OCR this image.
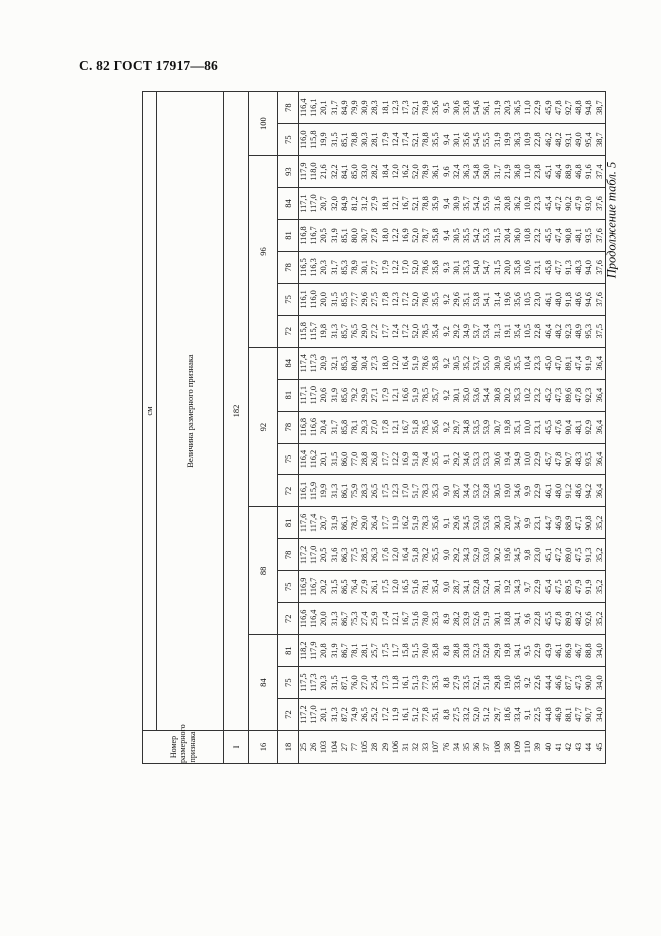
С. 82 ГОСТ 17917—86
Продолжение табл. 5
Номер размерного признака	см																			
	Величина размерного признака																			
I	182																			
16	84			88				92					96						100	
18	72	75	81	72	75	78	81	72	75	78	81	84	72	75	78	81	84	93	75	78
25	117,2	117,5	118,2	116,6	116,9	117,2	117,6	116,1	116,4	116,8	117,1	117,4	115,8	116,1	116,5	116,8	117,1	117,9	116,0	116,4
26	117,0	117,3	117,9	116,4	116,7	117,0	117,4	115,9	116,2	116,6	117,0	117,3	115,7	116,0	116,3	116,7	117,0	118,0	115,8	116,1
103	20,1	20,3	20,8	20,0	20,2	20,5	20,7	19,9	20,1	20,4	20,6	20,9	19,8	20,0	20,3	20,5	20,7	21,6	19,9	20,1
104	31,3	31,5	31,9	31,3	31,5	31,6	31,9	31,3	31,5	31,7	31,9	32,1	31,3	31,5	31,7	31,9	32,0	32,2	31,5	31,7
27	87,2	87,1	86,7	86,7	86,5	86,3	86,1	86,1	86,0	85,8	85,6	85,3	85,7	85,5	85,3	85,1	84,9	84,1	85,1	84,9
77	74,9	76,0	78,1	75,3	76,4	77,5	78,7	75,9	77,0	78,1	79,2	80,4	76,5	77,7	78,9	80,0	81,2	85,0	78,8	79,9
105	26,5	27,0	28,1	27,4	27,9	28,5	29,0	28,3	28,8	29,3	29,9	30,4	29,0	29,6	30,1	30,7	31,2	33,0	30,3	30,9
28	25,2	25,4	25,7	25,9	26,1	26,3	26,4	26,5	26,8	27,0	27,1	27,3	27,2	27,5	27,7	27,8	27,9	28,2	28,1	28,3
29	17,2	17,3	17,5	17,4	17,5	17,6	17,7	17,5	17,7	17,8	17,9	18,0	17,7	17,8	17,9	18,0	18,1	18,4	17,9	18,1
106	11,9	11,8	11,7	12,1	12,0	12,0	11,9	12,3	12,2	12,1	12,1	12,0	12,4	12,3	12,2	12,2	12,1	12,0	12,4	12,3
31	16,1	16,1	15,8	16,7	16,5	16,4	16,2	17,0	16,9	16,7	16,6	16,4	17,2	17,2	17,0	16,9	16,7	16,2	17,4	17,3
32	51,2	51,3	51,5	51,6	51,6	51,8	51,9	51,7	51,8	51,8	51,9	51,9	52,0	52,0	52,0	52,0	52,1	52,0	52,1	52,1
33	77,8	77,9	78,0	78,0	78,1	78,2	78,3	78,3	78,4	78,5	78,5	78,6	78,5	78,6	78,6	78,7	78,8	78,9	78,8	78,9
107	35,1	35,3	35,8	35,3	35,4	35,5	35,6	35,3	35,5	35,6	35,7	35,8	35,4	35,5	35,8	35,8	35,9	36,1	35,5	35,6
76	8,8	8,8	8,8	8,9	9,0	9,0	9,1	9,0	9,1	9,2	9,2	9,2	9,2	9,2	9,3	9,4	9,4	9,6	9,4	9,5
34	27,5	27,9	28,8	28,2	28,7	29,2	29,6	28,7	29,2	29,7	30,1	30,5	29,2	29,6	30,1	30,5	30,9	32,4	30,1	30,6
35	33,2	33,5	33,8	33,9	34,1	34,3	34,5	34,4	34,6	34,8	35,0	35,2	34,9	35,1	35,3	35,5	35,7	36,3	35,6	35,8
36	52,0	52,1	52,3	52,6	52,8	52,9	53,0	53,2	53,3	53,5	53,6	53,7	53,7	53,8	54,0	54,2	54,2	54,8	54,5	54,6
37	51,2	51,8	52,8	51,9	52,4	53,0	53,6	52,8	53,3	53,9	54,4	55,0	53,4	54,1	54,7	55,3	55,9	58,0	55,5	56,1
108	29,7	29,8	29,9	30,1	30,1	30,2	30,3	30,5	30,6	30,7	30,8	30,9	31,3	31,4	31,5	31,5	31,6	31,7	31,9	31,9
38	18,6	19,0	19,8	18,8	19,2	19,6	20,0	19,0	19,4	19,8	20,2	20,6	19,1	19,6	20,0	20,4	20,8	21,9	19,9	20,3
109	33,4	33,6	34,1	34,1	34,3	34,5	34,7	34,6	34,9	35,1	35,3	35,5	35,4	35,6	35,8	36,0	36,2	36,8	36,3	36,5
110	9,1	9,2	9,5	9,6	9,7	9,8	9,9	9,9	10,0	10,0	10,2	10,4	10,5	10,5	10,6	10,8	10,9	11,0	10,9	11,0
39	22,5	22,6	22,9	22,8	22,9	23,0	23,1	22,9	22,9	23,1	23,2	23,3	22,8	23,0	23,1	23,2	23,3	23,8	22,8	22,9
40	44,8	44,4	43,9	45,5	45,4	45,1	44,7	46,1	45,7	45,5	45,2	45,0	46,4	46,1	45,8	45,5	45,4	45,1	46,2	45,9
41	46,9	46,6	46,1	47,8	47,5	47,2	46,9	48,0	47,8	47,6	47,3	47,0	48,2	48,0	47,7	47,4	47,2	46,4	48,2	47,8
42	88,1	87,7	86,9	89,9	89,5	89,0	88,9	91,2	90,7	90,4	89,6	89,1	92,3	91,8	91,3	90,8	90,2	88,9	93,1	92,7
43	47,7	47,3	46,7	48,2	47,9	47,5	47,1	48,6	48,3	48,1	47,8	47,4	48,9	48,6	48,3	48,1	47,9	46,8	49,0	48,8
44	90,7	90,0	88,8	92,6	91,9	91,3	90,8	94,2	93,5	92,9	92,3	91,9	95,3	94,6	94,0	93,5	93,0	91,6	95,4	94,8
45	34,0	34,0	34,0	35,2	35,2	35,2	35,2	36,4	36,4	36,4	36,4	36,4	37,5	37,6	37,6	37,6	37,6	37,4	38,7	38,7
